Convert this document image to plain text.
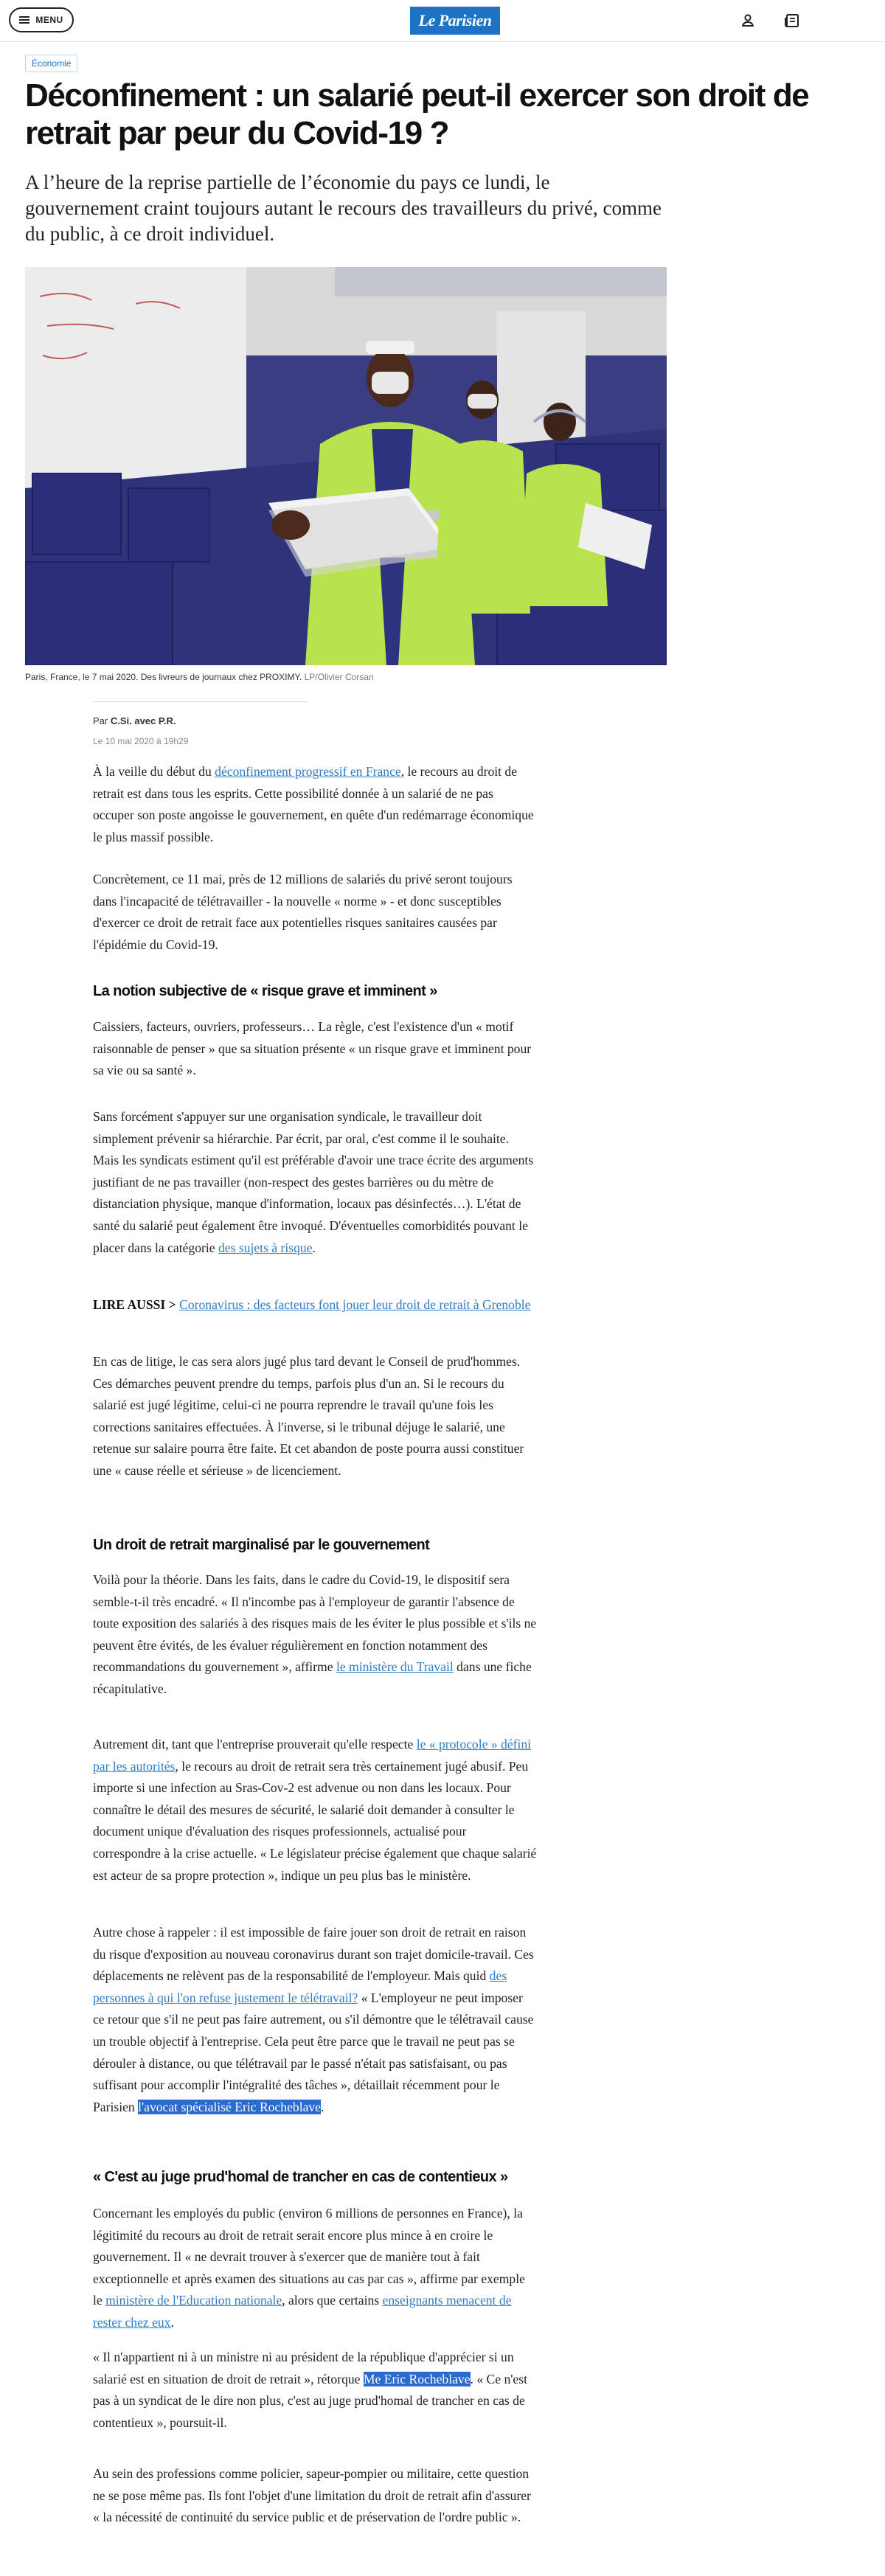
MENU	Le Parisien
Économie
Déconfinement : un salarié peut-il exercer son droit de retrait par peur du Covid-19 ?

A l’heure de la reprise partielle de l’économie du pays ce lundi, le gouvernement craint toujours autant le recours des travailleurs du privé, comme du public, à ce droit individuel.

Paris, France, le 7 mai 2020. Des livreurs de journaux chez PROXIMY. LP/Olivier Corsan
Par C.Si. avec P.R.
Le 10 mai 2020 à 19h29

À la veille du début du déconfinement progressif en France, le recours au droit de retrait est dans tous les esprits. Cette possibilité donnée à un salarié de ne pas occuper son poste angoisse le gouvernement, en quête d'un redémarrage économique le plus massif possible.

Concrètement, ce 11 mai, près de 12 millions de salariés du privé seront toujours dans l'incapacité de télétravailler - la nouvelle « norme » - et donc susceptibles d'exercer ce droit de retrait face aux potentielles risques sanitaires causées par l'épidémie du Covid-19.

La notion subjective de « risque grave et imminent »

Caissiers, facteurs, ouvriers, professeurs… La règle, c'est l'existence d'un « motif raisonnable de penser » que sa situation présente « un risque grave et imminent pour sa vie ou sa santé ».

Sans forcément s'appuyer sur une organisation syndicale, le travailleur doit simplement prévenir sa hiérarchie. Par écrit, par oral, c'est comme il le souhaite. Mais les syndicats estiment qu'il est préférable d'avoir une trace écrite des arguments justifiant de ne pas travailler (non-respect des gestes barrières ou du mètre de distanciation physique, manque d'information, locaux pas désinfectés…). L'état de santé du salarié peut également être invoqué. D'éventuelles comorbidités pouvant le placer dans la catégorie des sujets à risque.

LIRE AUSSI > Coronavirus : des facteurs font jouer leur droit de retrait à Grenoble

En cas de litige, le cas sera alors jugé plus tard devant le Conseil de prud'hommes. Ces démarches peuvent prendre du temps, parfois plus d'un an. Si le recours du salarié est jugé légitime, celui-ci ne pourra reprendre le travail qu'une fois les corrections sanitaires effectuées. À l'inverse, si le tribunal déjuge le salarié, une retenue sur salaire pourra être faite. Et cet abandon de poste pourra aussi constituer une « cause réelle et sérieuse » de licenciement.

Un droit de retrait marginalisé par le gouvernement

Voilà pour la théorie. Dans les faits, dans le cadre du Covid-19, le dispositif sera semble-t-il très encadré. « Il n'incombe pas à l'employeur de garantir l'absence de toute exposition des salariés à des risques mais de les éviter le plus possible et s'ils ne peuvent être évités, de les évaluer régulièrement en fonction notamment des recommandations du gouvernement », affirme le ministère du Travail dans une fiche récapitulative.

Autrement dit, tant que l'entreprise prouverait qu'elle respecte le « protocole » défini par les autorités, le recours au droit de retrait sera très certainement jugé abusif. Peu importe si une infection au Sras-Cov-2 est advenue ou non dans les locaux. Pour connaître le détail des mesures de sécurité, le salarié doit demander à consulter le document unique d'évaluation des risques professionnels, actualisé pour correspondre à la crise actuelle. « Le législateur précise également que chaque salarié est acteur de sa propre protection », indique un peu plus bas le ministère.

Autre chose à rappeler : il est impossible de faire jouer son droit de retrait en raison du risque d'exposition au nouveau coronavirus durant son trajet domicile-travail. Ces déplacements ne relèvent pas de la responsabilité de l'employeur. Mais quid des personnes à qui l'on refuse justement le télétravail? « L'employeur ne peut imposer ce retour que s'il ne peut pas faire autrement, ou s'il démontre que le télétravail cause un trouble objectif à l'entreprise. Cela peut être parce que le travail ne peut pas se dérouler à distance, ou que télétravail par le passé n'était pas satisfaisant, ou pas suffisant pour accomplir l'intégralité des tâches », détaillait récemment pour le Parisien l'avocat spécialisé Eric Rocheblave.

« C'est au juge prud'homal de trancher en cas de contentieux »

Concernant les employés du public (environ 6 millions de personnes en France), la légitimité du recours au droit de retrait serait encore plus mince à en croire le gouvernement. Il « ne devrait trouver à s'exercer que de manière tout à fait exceptionnelle et après examen des situations au cas par cas », affirme par exemple le ministère de l'Education nationale, alors que certains enseignants menacent de rester chez eux.

« Il n'appartient ni à un ministre ni au président de la république d'apprécier si un salarié est en situation de droit de retrait », rétorque Me Eric Rocheblave. « Ce n'est pas à un syndicat de le dire non plus, c'est au juge prud'homal de trancher en cas de contentieux », poursuit-il.

Au sein des professions comme policier, sapeur-pompier ou militaire, cette question ne se pose même pas. Ils font l'objet d'une limitation du droit de retrait afin d'assurer « la nécessité de continuité du service public et de préservation de l'ordre public ».
